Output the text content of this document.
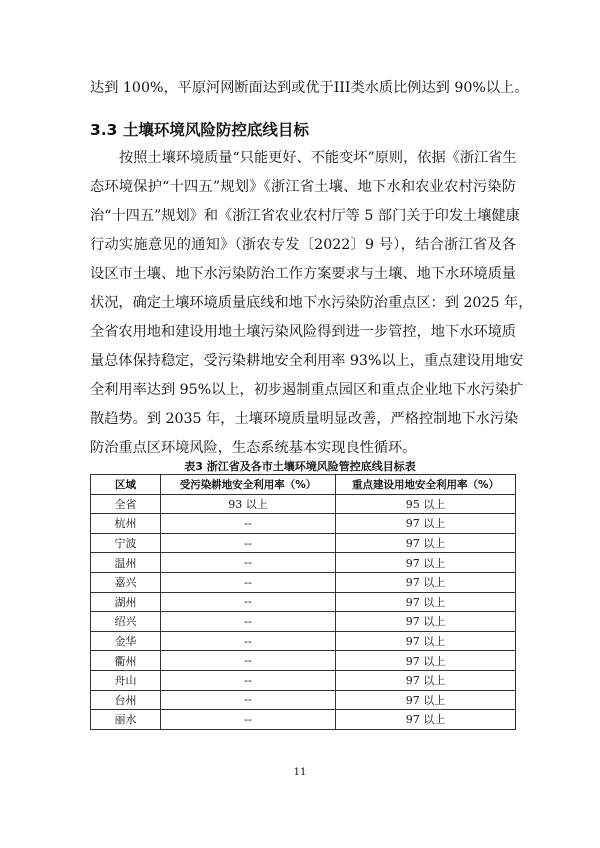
达到 100%，平原河网断面达到或优于III类水质比例达到 90%以上。
3.3 土壤环境风险防控底线目标
按照土壤环境质量“只能更好、不能变坏”原则，依据《浙江省生
态环境保护“十四五”规划》《浙江省土壤、地下水和农业农村污染防
治“十四五”规划》和《浙江省农业农村厅等 5 部门关于印发土壤健康
行动实施意见的通知》（浙农专发〔2022〕9 号），结合浙江省及各
设区市土壤、地下水污染防治工作方案要求与土壤、地下水环境质量
状况，确定土壤环境质量底线和地下水污染防治重点区：到 2025 年，
全省农用地和建设用地土壤污染风险得到进一步管控，地下水环境质
量总体保持稳定，受污染耕地安全利用率 93%以上，重点建设用地安
全利用率达到 95%以上，初步遏制重点园区和重点企业地下水污染扩
散趋势。到 2035 年，土壤环境质量明显改善，严格控制地下水污染
防治重点区环境风险，生态系统基本实现良性循环。
表3 浙江省及各市土壤环境风险管控底线目标表
区域	受污染耕地安全利用率（%）	重点建设用地安全利用率（%）
全省	93 以上	95 以上
杭州	--	97 以上
宁波	--	97 以上
温州	--	97 以上
嘉兴	--	97 以上
湖州	--	97 以上
绍兴	--	97 以上
金华	--	97 以上
衢州	--	97 以上
舟山	--	97 以上
台州	--	97 以上
丽水	--	97 以上
11
